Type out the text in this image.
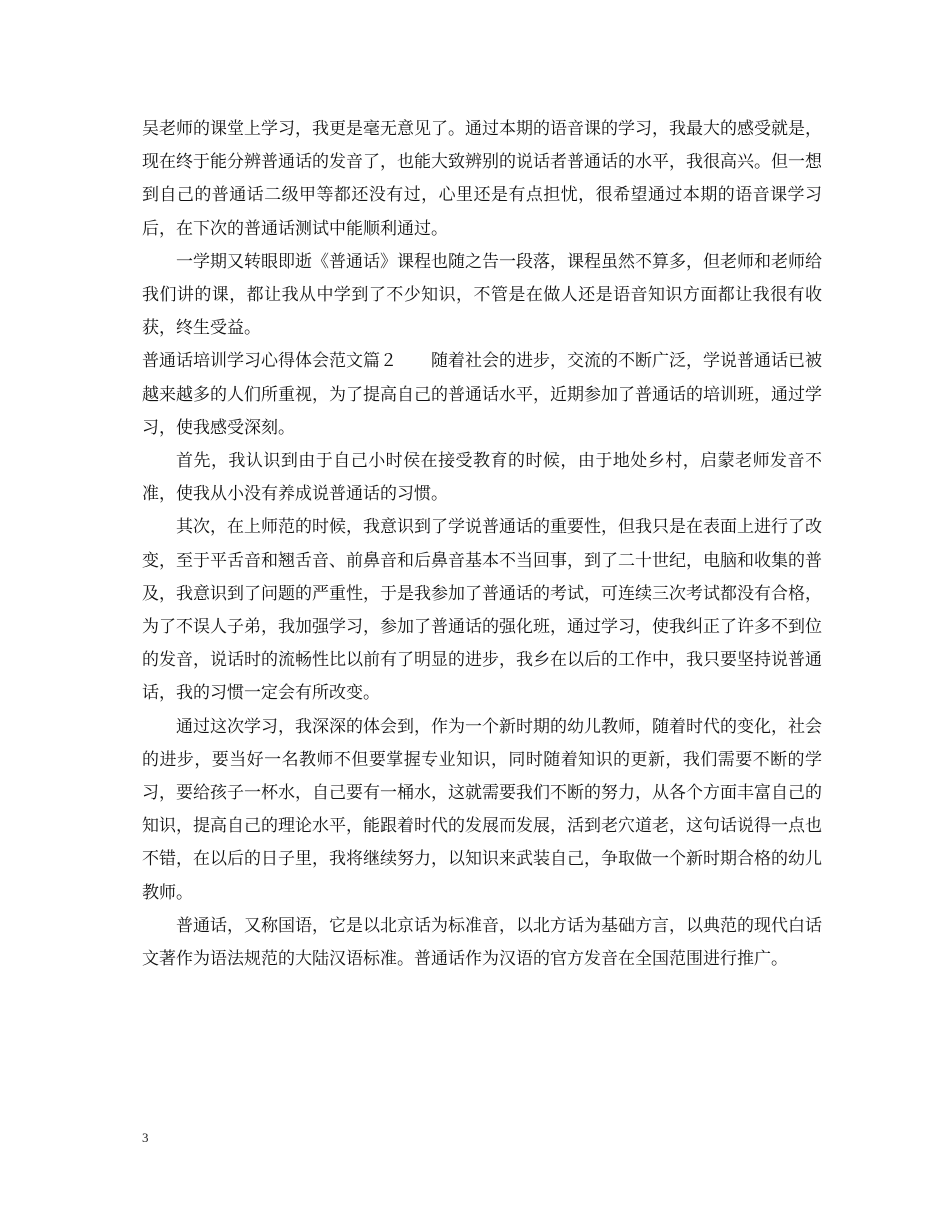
吴老师的课堂上学习，我更是毫无意见了。通过本期的语音课的学习，我最大的感受就是，现在终于能分辨普通话的发音了，也能大致辨别的说话者普通话的水平，我很高兴。但一想到自己的普通话二级甲等都还没有过，心里还是有点担忧，很希望通过本期的语音课学习后，在下次的普通话测试中能顺利通过。

一学期又转眼即逝《普通话》课程也随之告一段落，课程虽然不算多，但老师和老师给我们讲的课，都让我从中学到了不少知识，不管是在做人还是语音知识方面都让我很有收获，终生受益。

普通话培训学习心得体会范文篇２　　随着社会的进步，交流的不断广泛，学说普通话已被越来越多的人们所重视，为了提高自己的普通话水平，近期参加了普通话的培训班，通过学习，使我感受深刻。

首先，我认识到由于自己小时侯在接受教育的时候，由于地处乡村，启蒙老师发音不准，使我从小没有养成说普通话的习惯。

其次，在上师范的时候，我意识到了学说普通话的重要性，但我只是在表面上进行了改变，至于平舌音和翘舌音、前鼻音和后鼻音基本不当回事，到了二十世纪，电脑和收集的普及，我意识到了问题的严重性，于是我参加了普通话的考试，可连续三次考试都没有合格，为了不误人子弟，我加强学习，参加了普通话的强化班，通过学习，使我纠正了许多不到位的发音，说话时的流畅性比以前有了明显的进步，我乡在以后的工作中，我只要坚持说普通话，我的习惯一定会有所改变。

通过这次学习，我深深的体会到，作为一个新时期的幼儿教师，随着时代的变化，社会的进步，要当好一名教师不但要掌握专业知识，同时随着知识的更新，我们需要不断的学习，要给孩子一杯水，自己要有一桶水，这就需要我们不断的努力，从各个方面丰富自己的知识，提高自己的理论水平，能跟着时代的发展而发展，活到老穴道老，这句话说得一点也不错，在以后的日子里，我将继续努力，以知识来武装自己，争取做一个新时期合格的幼儿教师。

普通话，又称国语，它是以北京话为标准音，以北方话为基础方言，以典范的现代白话文著作为语法规范的大陆汉语标准。普通话作为汉语的官方发音在全国范围进行推广。

3
